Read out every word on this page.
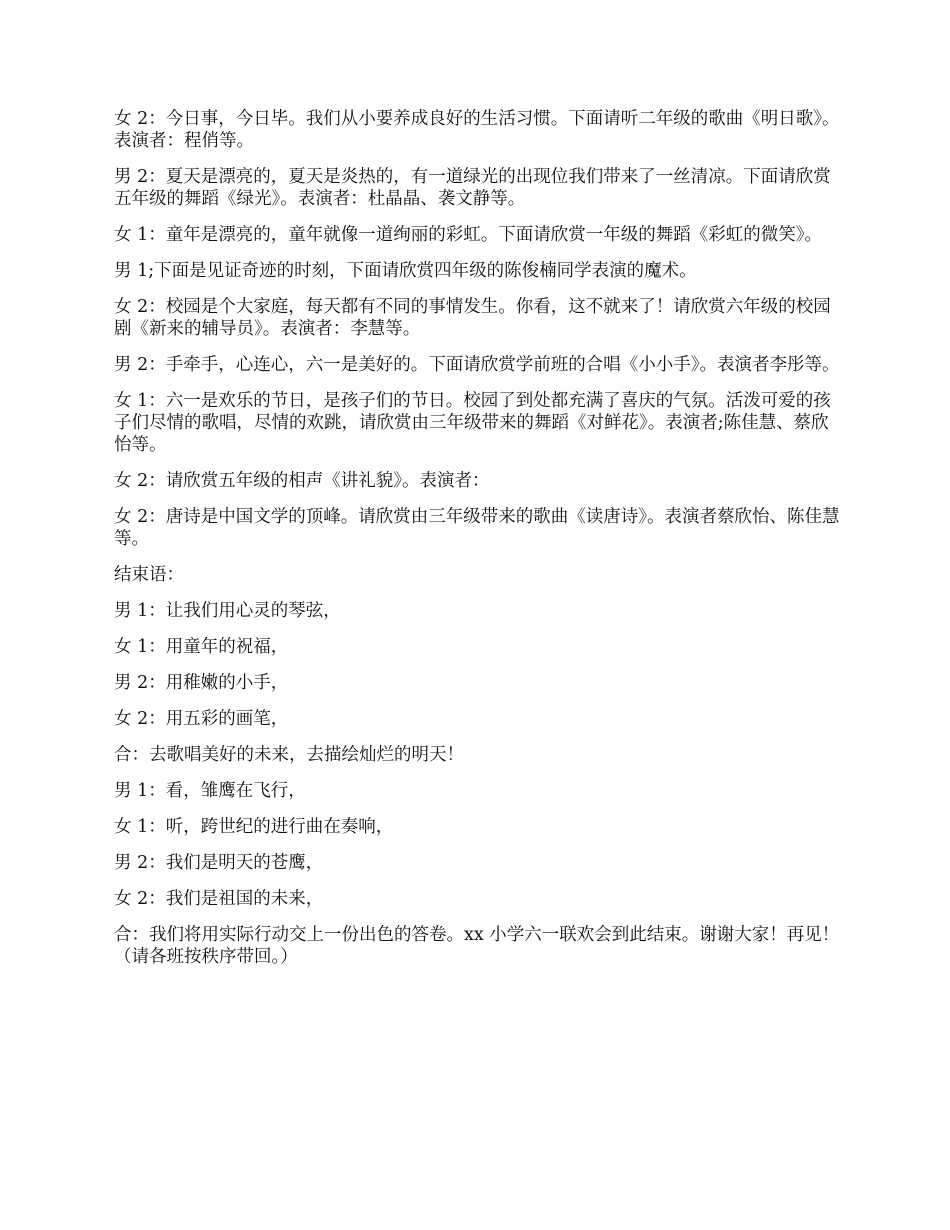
女 2：今日事，今日毕。我们从小要养成良好的生活习惯。下面请听二年级的歌曲《明日歌》。表演者：程俏等。

男 2：夏天是漂亮的，夏天是炎热的，有一道绿光的出现位我们带来了一丝清凉。下面请欣赏五年级的舞蹈《绿光》。表演者：杜晶晶、袭文静等。

女 1：童年是漂亮的，童年就像一道绚丽的彩虹。下面请欣赏一年级的舞蹈《彩虹的微笑》。

男 1;下面是见证奇迹的时刻，下面请欣赏四年级的陈俊楠同学表演的魔术。

女 2：校园是个大家庭，每天都有不同的事情发生。你看，这不就来了！请欣赏六年级的校园剧《新来的辅导员》。表演者：李慧等。

男 2：手牵手，心连心，六一是美好的。下面请欣赏学前班的合唱《小小手》。表演者李彤等。

女 1：六一是欢乐的节日，是孩子们的节日。校园了到处都充满了喜庆的气氛。活泼可爱的孩子们尽情的歌唱，尽情的欢跳，请欣赏由三年级带来的舞蹈《对鲜花》。表演者;陈佳慧、蔡欣怡等。

女 2：请欣赏五年级的相声《讲礼貌》。表演者：

女 2：唐诗是中国文学的顶峰。请欣赏由三年级带来的歌曲《读唐诗》。表演者蔡欣怡、陈佳慧等。

结束语：

男 1：让我们用心灵的琴弦，

女 1：用童年的祝福，

男 2：用稚嫩的小手，

女 2：用五彩的画笔，

合：去歌唱美好的未来，去描绘灿烂的明天！

男 1：看，雏鹰在飞行，

女 1：听，跨世纪的进行曲在奏响，

男 2：我们是明天的苍鹰，

女 2：我们是祖国的未来，

合：我们将用实际行动交上一份出色的答卷。xx 小学六一联欢会到此结束。谢谢大家！再见！（请各班按秩序带回。）
